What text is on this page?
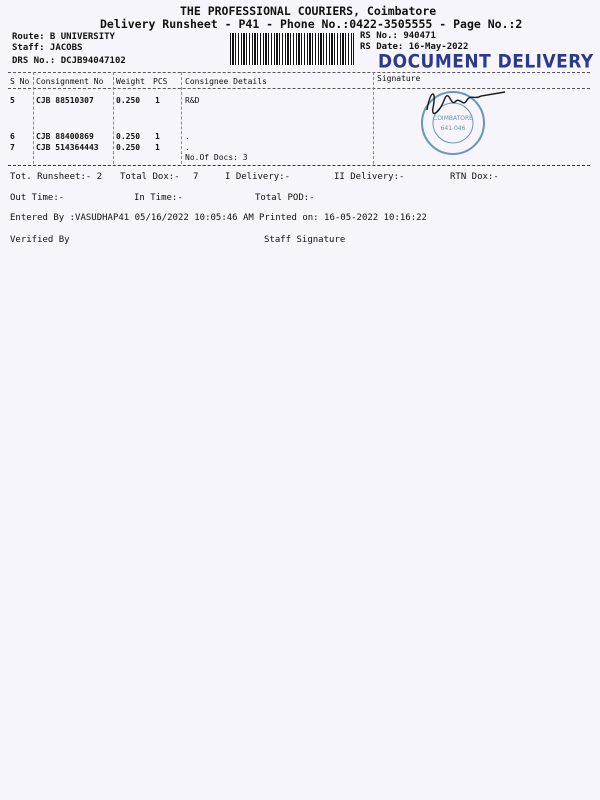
THE PROFESSIONAL COURIERS, Coimbatore
Delivery Runsheet - P41 - Phone No.:0422-3505555 - Page No.:2
Route: B UNIVERSITY
Staff: JACOBS
DRS No.: DCJB94047102
RS No.: 940471
RS Date: 16-May-2022
DOCUMENT DELIVERY
S No Consignment No Weight PCS Consignee Details	Signature
5	CJB 88510307	0.250 1	R&D
6	CJB 88400869	0.250 1	.
7	CJB 514364443 0.250 1	.
No.Of Docs: 3
COIMBATORE
641 046
Tot. Runsheet:- 2 Total Dox:- 7	I Delivery:-	II Delivery:-	RTN Dox:-
Out Time:-	In Time:-	Total POD:-
Entered By :VASUDHAP41 05/16/2022 10:05:46 AM Printed on: 16-05-2022 10:16:22
Verified By	Staff Signature
